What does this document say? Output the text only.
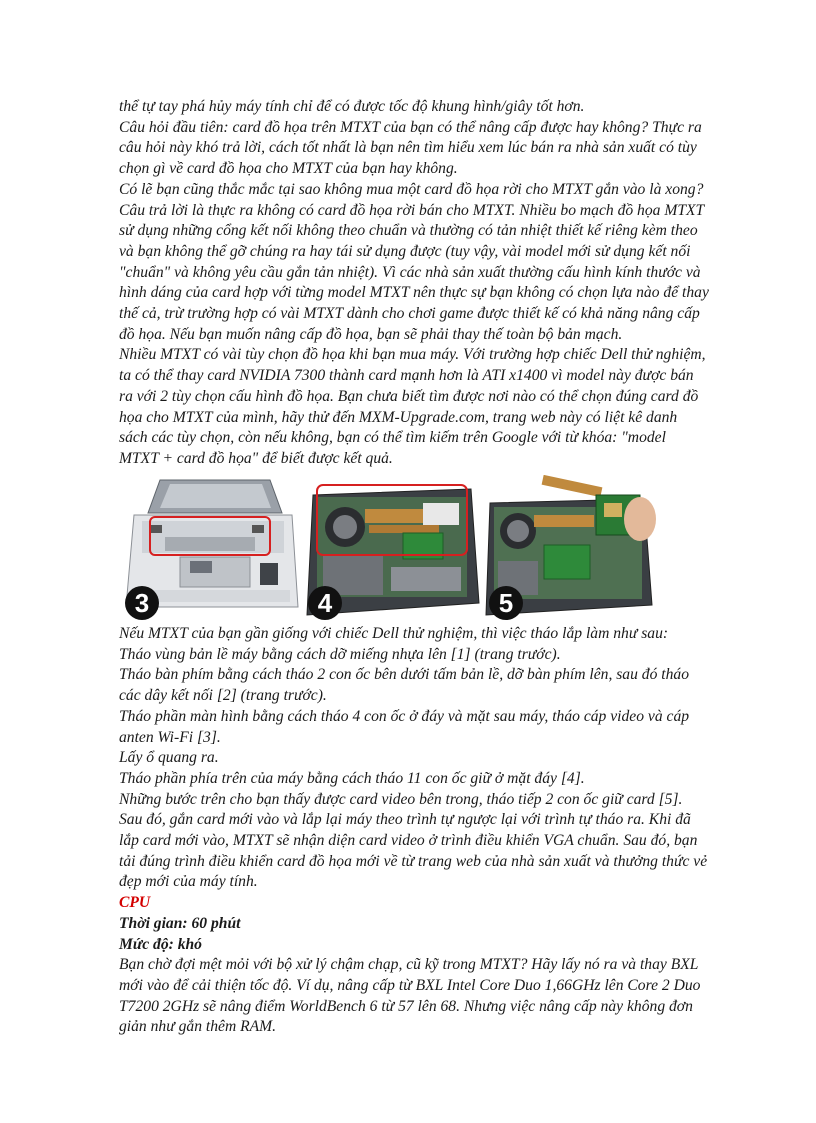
thể tự tay phá hủy máy tính chỉ để có được tốc độ khung hình/giây tốt hơn.

Câu hỏi đầu tiên: card đồ họa trên MTXT của bạn có thể nâng cấp được hay không? Thực ra câu hỏi này khó trả lời, cách tốt nhất là bạn nên tìm hiểu xem lúc bán ra nhà sản xuất có tùy chọn gì về card đồ họa cho MTXT của bạn hay không.

Có lẽ bạn cũng thắc mắc tại sao không mua một card đồ họa rời cho MTXT gắn vào là xong? Câu trả lời là thực ra không có card đồ họa rời bán cho MTXT. Nhiều bo mạch đồ họa MTXT sử dụng những cổng kết nối không theo chuẩn và thường có tản nhiệt thiết kế riêng kèm theo và bạn không thể gỡ chúng ra hay tái sử dụng được (tuy vậy, vài model mới sử dụng kết nối "chuẩn" và không yêu cầu gắn tản nhiệt). Vì các nhà sản xuất thường cấu hình kính thước và hình dáng của card hợp với từng model MTXT nên thực sự bạn không có chọn lựa nào để thay thế cả, trừ trường hợp có vài MTXT dành cho chơi game được thiết kế có khả năng nâng cấp đồ họa. Nếu bạn muốn nâng cấp đồ họa, bạn sẽ phải thay thế toàn bộ bản mạch.

Nhiều MTXT có vài tùy chọn đồ họa khi bạn mua máy. Với trường hợp chiếc Dell thử nghiệm, ta có thể thay card NVIDIA 7300 thành card mạnh hơn là ATI x1400 vì model này được bán ra với 2 tùy chọn cấu hình đồ họa. Bạn chưa biết tìm được nơi nào có thể chọn đúng card đồ họa cho MTXT của mình, hãy thử đến MXM-Upgrade.com, trang web này có liệt kê danh sách các tùy chọn, còn nếu không, bạn có thể tìm kiếm trên Google với từ khóa: "model MTXT + card đồ họa" để biết được kết quả.

3	4	5

Nếu MTXT của bạn gần giống với chiếc Dell thử nghiệm, thì việc tháo lắp làm như sau:

Tháo vùng bản lề máy bằng cách dỡ miếng nhựa lên [1] (trang trước).

Tháo bàn phím bằng cách tháo 2 con ốc bên dưới tấm bản lề, dỡ bàn phím lên, sau đó tháo các dây kết nối [2] (trang trước).

Tháo phần màn hình bằng cách tháo 4 con ốc ở đáy và mặt sau máy, tháo cáp video và cáp anten Wi-Fi [3].

Lấy ổ quang ra.

Tháo phần phía trên của máy bằng cách tháo 11 con ốc giữ ở mặt đáy [4].

Những bước trên cho bạn thấy được card video bên trong, tháo tiếp 2 con ốc giữ card [5]. Sau đó, gắn card mới vào và lắp lại máy theo trình tự ngược lại với trình tự tháo ra. Khi đã lắp card mới vào, MTXT sẽ nhận diện card video ở trình điều khiển VGA chuẩn. Sau đó, bạn tải đúng trình điều khiển card đồ họa mới về từ trang web của nhà sản xuất và thưởng thức vẻ đẹp mới của máy tính.

CPU

Thời gian: 60 phút

Mức độ: khó

Bạn chờ đợi mệt mỏi với bộ xử lý chậm chạp, cũ kỹ trong MTXT? Hãy lấy nó ra và thay BXL mới vào để cải thiện tốc độ. Ví dụ, nâng cấp từ BXL Intel Core Duo 1,66GHz lên Core 2 Duo T7200 2GHz sẽ nâng điểm WorldBench 6 từ 57 lên 68. Nhưng việc nâng cấp này không đơn giản như gắn thêm RAM.
